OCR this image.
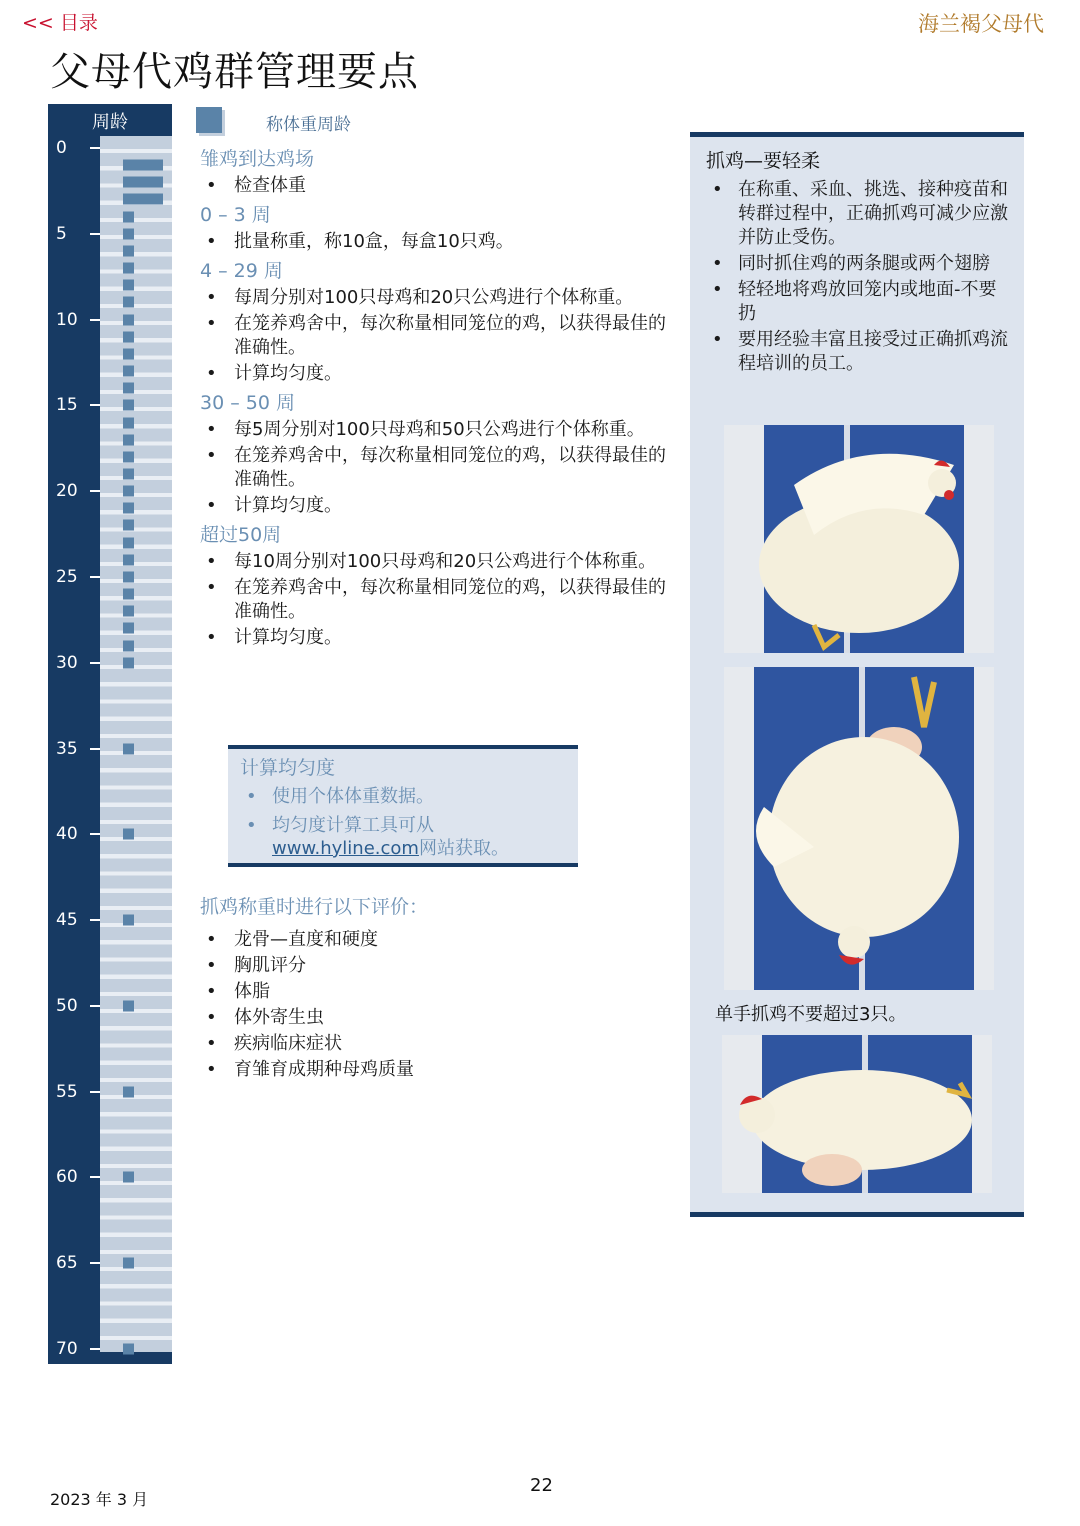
<< 目录	海兰褐父母代
父母代鸡群管理要点
周龄
0
5
10
15
20
25
30
35
40
45
50
55
60
65
70
称体重周龄
雏鸡到达鸡场
• 检查体重
0 – 3 周
• 批量称重，称10盒，每盒10只鸡。
4 – 29 周
• 每周分别对100只母鸡和20只公鸡进行个体称重。
• 在笼养鸡舍中，每次称量相同笼位的鸡，以获得最佳的准确性。
• 计算均匀度。
30 – 50 周
• 每5周分别对100只母鸡和50只公鸡进行个体称重。
• 在笼养鸡舍中，每次称量相同笼位的鸡，以获得最佳的准确性。
• 计算均匀度。
超过50周
• 每10周分别对100只母鸡和20只公鸡进行个体称重。
• 在笼养鸡舍中，每次称量相同笼位的鸡，以获得最佳的准确性。
• 计算均匀度。
计算均匀度
• 使用个体体重数据。
• 均匀度计算工具可从www.hyline.com网站获取。
抓鸡称重时进行以下评价：
• 龙骨—直度和硬度
• 胸肌评分
• 体脂
• 体外寄生虫
• 疾病临床症状
• 育雏育成期种母鸡质量
抓鸡—要轻柔
• 在称重、采血、挑选、接种疫苗和转群过程中，正确抓鸡可减少应激并防止受伤。
• 同时抓住鸡的两条腿或两个翅膀
• 轻轻地将鸡放回笼内或地面-不要扔
• 要用经验丰富且接受过正确抓鸡流程培训的员工。
单手抓鸡不要超过3只。
2023 年 3 月
22
